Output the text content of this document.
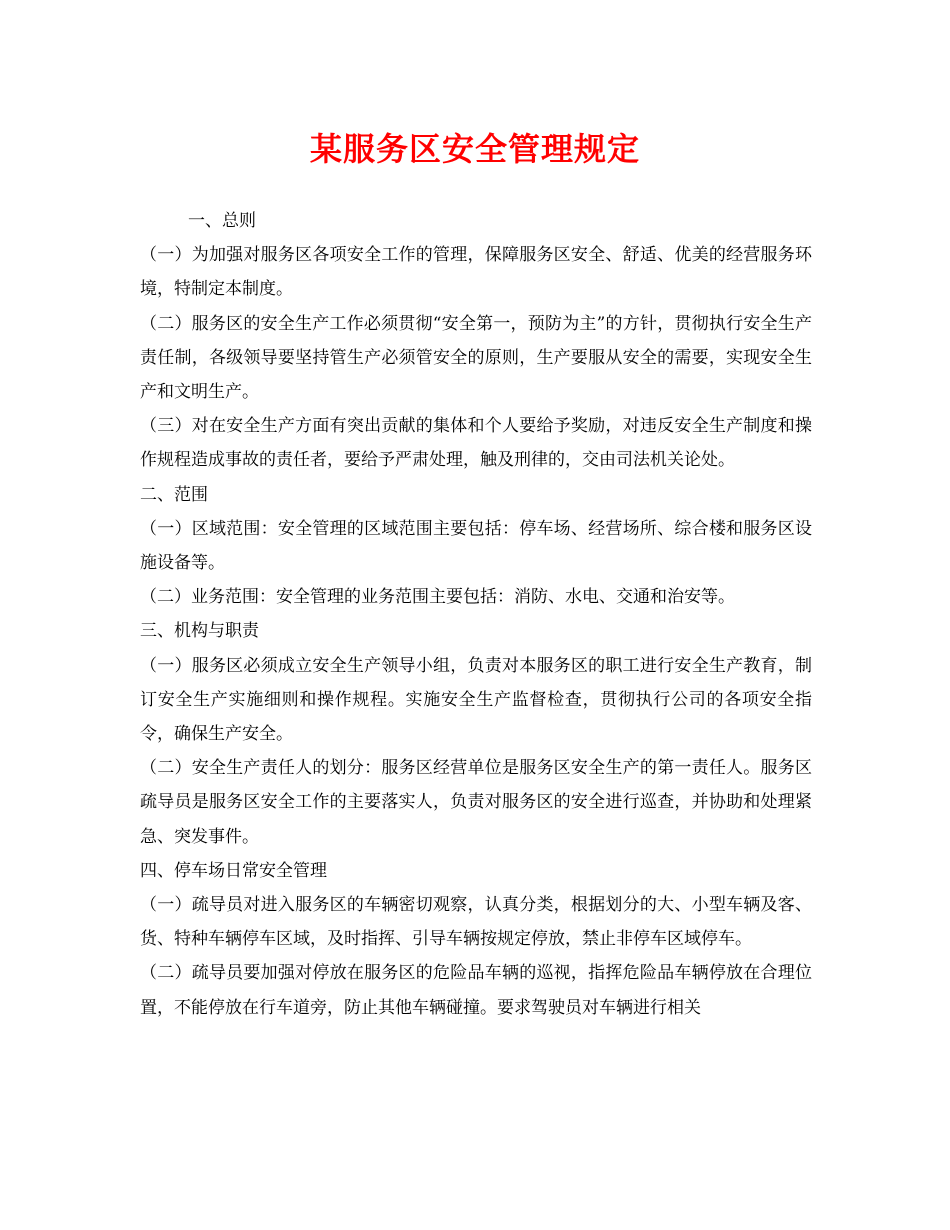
某服务区安全管理规定

一、总则

（一）为加强对服务区各项安全工作的管理，保障服务区安全、舒适、优美的经营服务环境，特制定本制度。

（二）服务区的安全生产工作必须贯彻“安全第一，预防为主”的方针，贯彻执行安全生产责任制，各级领导要坚持管生产必须管安全的原则，生产要服从安全的需要，实现安全生产和文明生产。

（三）对在安全生产方面有突出贡献的集体和个人要给予奖励，对违反安全生产制度和操作规程造成事故的责任者，要给予严肃处理，触及刑律的，交由司法机关论处。

二、范围

（一）区域范围：安全管理的区域范围主要包括：停车场、经营场所、综合楼和服务区设施设备等。

（二）业务范围：安全管理的业务范围主要包括：消防、水电、交通和治安等。

三、机构与职责

（一）服务区必须成立安全生产领导小组，负责对本服务区的职工进行安全生产教育，制订安全生产实施细则和操作规程。实施安全生产监督检查，贯彻执行公司的各项安全指令，确保生产安全。

（二）安全生产责任人的划分：服务区经营单位是服务区安全生产的第一责任人。服务区疏导员是服务区安全工作的主要落实人，负责对服务区的安全进行巡查，并协助和处理紧急、突发事件。

四、停车场日常安全管理

（一）疏导员对进入服务区的车辆密切观察，认真分类，根据划分的大、小型车辆及客、货、特种车辆停车区域，及时指挥、引导车辆按规定停放，禁止非停车区域停车。

（二）疏导员要加强对停放在服务区的危险品车辆的巡视，指挥危险品车辆停放在合理位置，不能停放在行车道旁，防止其他车辆碰撞。要求驾驶员对车辆进行相关
